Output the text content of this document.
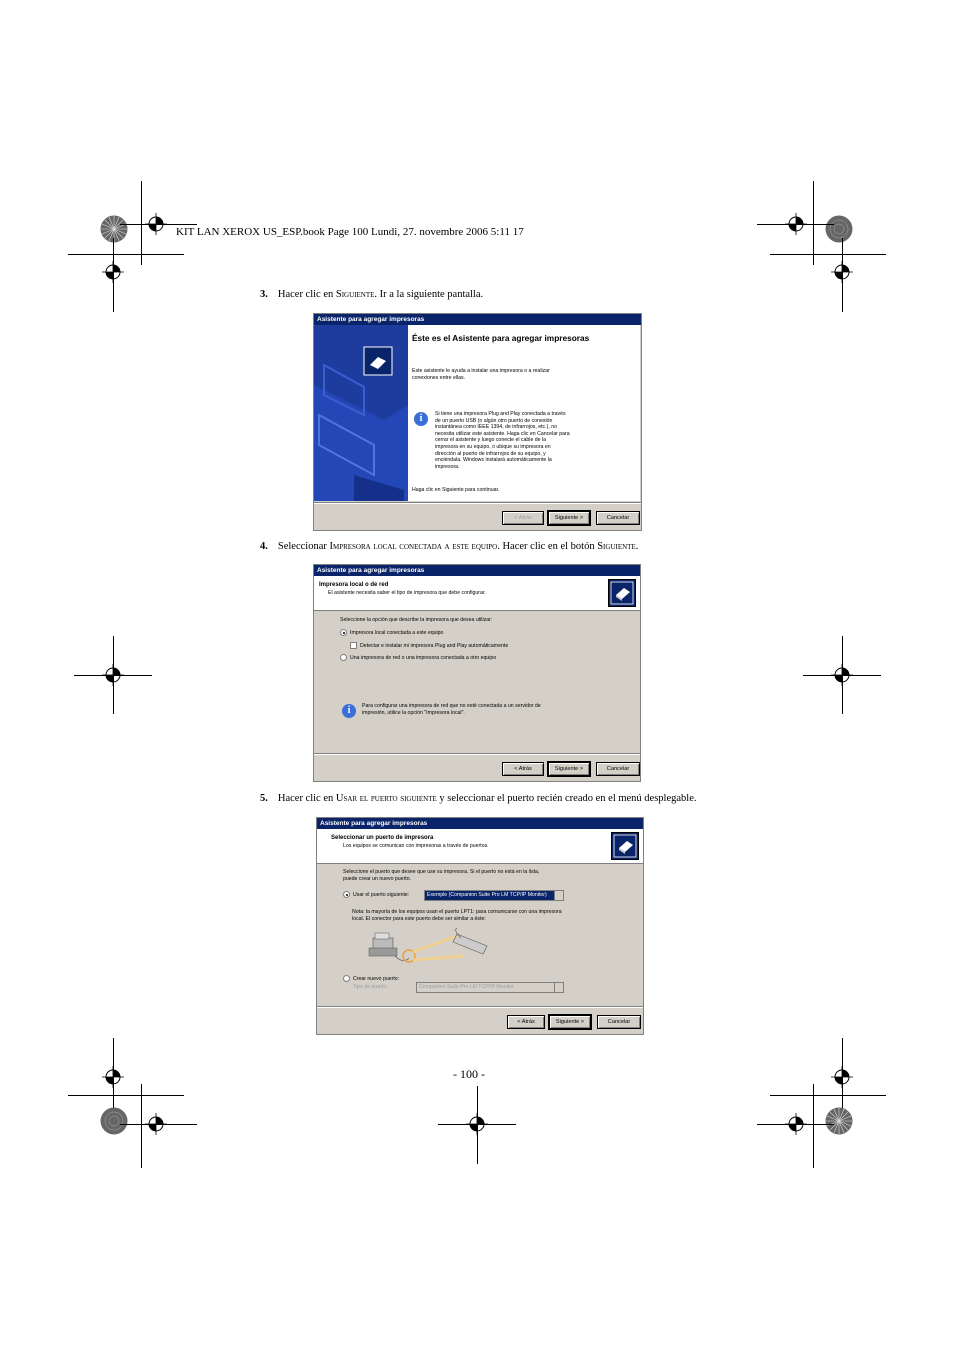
KIT LAN XEROX US_ESP.book Page 100 Lundi, 27. novembre 2006 5:11 17
3. Hacer clic en Siguiente. Ir a la siguiente pantalla.
Asistente para agregar impresoras
Éste es el Asistente para agregar impresoras
Este asistente le ayuda a instalar una impresora o a realizar conexiones entre ellas.
i	Si tiene una impresora Plug and Play conectada a través de un puerto USB (o algún otro puerto de conexión instantánea como IEEE 1394, de infrarrojos, etc.), no necesita utilizar este asistente. Haga clic en Cancelar para cerrar el asistente y luego conecte el cable de la impresora en su equipo, o ubique su impresora en dirección al puerto de infrarrojos de su equipo, y enciéndala. Windows instalará automáticamente la impresora.
Haga clic en Siguiente para continuar.
< Atrás	Siguiente >	Cancelar
4. Seleccionar Impresora local conectada a este equipo. Hacer clic en el botón Siguiente.
Asistente para agregar impresoras
Impresora local o de red
El asistente necesita saber el tipo de impresora que debe configurar.
Seleccione la opción que describe la impresora que desea utilizar:
Impresora local conectada a este equipo
Detectar e instalar mi impresora Plug and Play automáticamente
Una impresora de red o una impresora conectada a otro equipo
i	Para configurar una impresora de red que no esté conectada a un servidor de impresión, utilice la opción "Impresora local".
< Atrás	Siguiente >	Cancelar
5. Hacer clic en Usar el puerto siguiente y seleccionar el puerto recién creado en el menú desplegable.
Asistente para agregar impresoras
Seleccionar un puerto de impresora
Los equipos se comunican con impresoras a través de puertos.
Seleccione el puerto que desee que use su impresora. Si el puerto no está en la lista, puede crear un nuevo puerto.
Usar el puerto siguiente:	Exemple (Companion Suite Pro LM TCP/IP Monitor)
Nota: la mayoría de los equipos usan el puerto LPT1: para comunicarse con una impresora local. El conector para este puerto debe ser similar a éste:
Crear nuevo puerto:
Tipo de puerto:	Companion Suite Pro LM TCP/IP Monitor
< Atrás	Siguiente >	Cancelar
- 100 -
